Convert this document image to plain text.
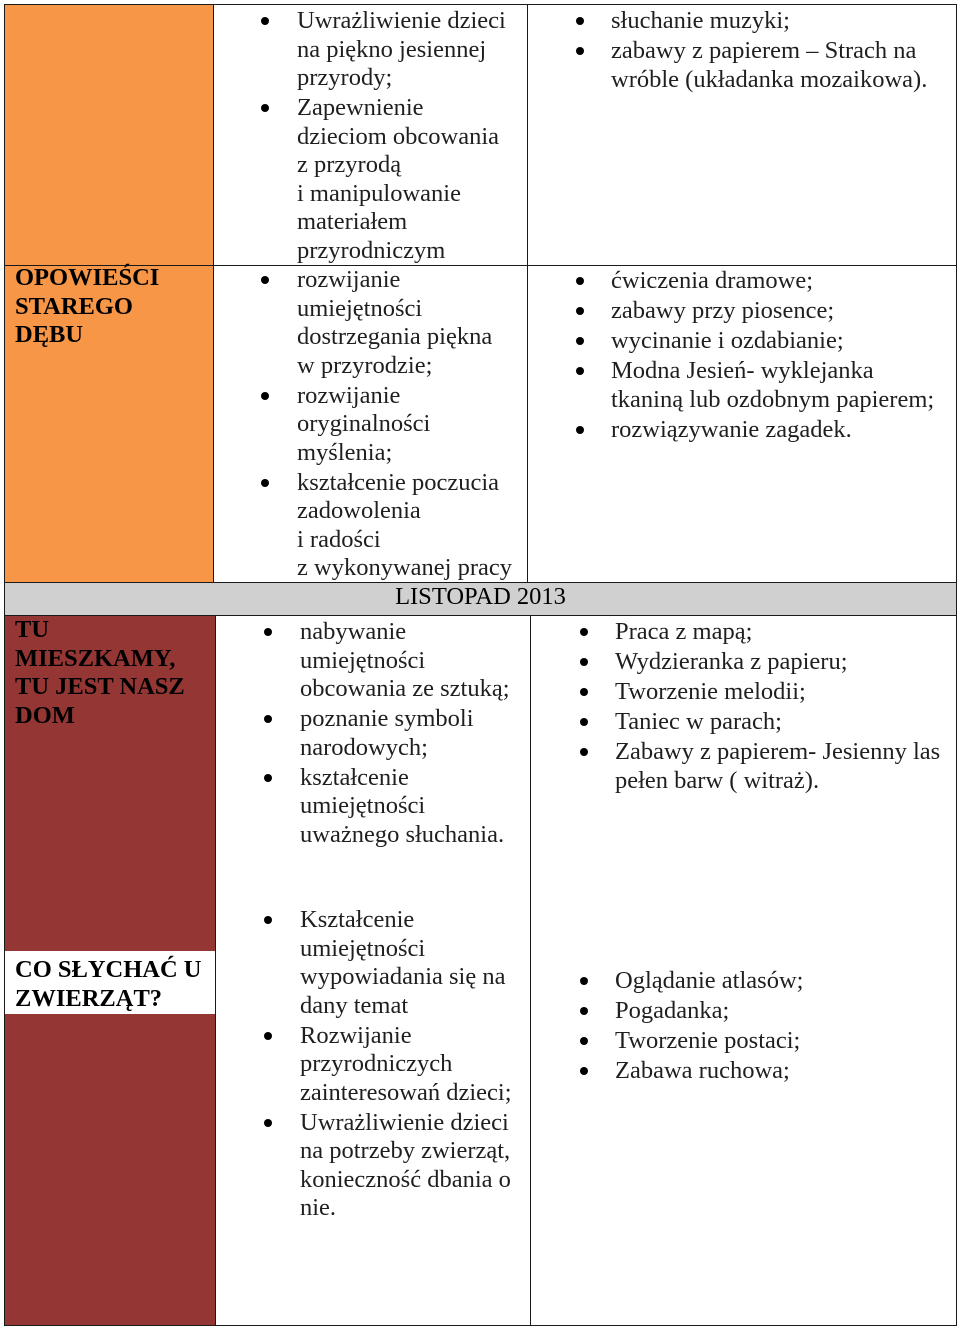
LISTOPAD 2013
OPOWIEŚCI
STAREGO
DĘBU
TU
MIESZKAMY,
TU JEST NASZ
DOM
CO SŁYCHAĆ U
ZWIERZĄT?
Uwrażliwienie dzieci
na piękno jesiennej
przyrody;
Zapewnienie
dzieciom obcowania
z przyrodą
i manipulowanie
materiałem
przyrodniczym
rozwijanie
umiejętności
dostrzegania piękna
w przyrodzie;
rozwijanie
oryginalności
myślenia;
kształcenie poczucia
zadowolenia
i radości
z wykonywanej pracy
nabywanie
umiejętności
obcowania ze sztuką;
poznanie symboli
narodowych;
kształcenie
umiejętności
uważnego słuchania.
Kształcenie
umiejętności
wypowiadania się na
dany temat
Rozwijanie
przyrodniczych
zainteresowań dzieci;
Uwrażliwienie dzieci
na potrzeby zwierząt,
konieczność dbania o
nie.
słuchanie muzyki;
zabawy z papierem – Strach na
wróble (układanka mozaikowa).
ćwiczenia dramowe;
zabawy przy piosence;
wycinanie i ozdabianie;
Modna Jesień- wyklejanka
tkaniną lub ozdobnym papierem;
rozwiązywanie zagadek.
Praca z mapą;
Wydzieranka z papieru;
Tworzenie melodii;
Taniec w parach;
Zabawy z papierem- Jesienny las
pełen barw ( witraż).
Oglądanie atlasów;
Pogadanka;
Tworzenie postaci;
Zabawa ruchowa;
